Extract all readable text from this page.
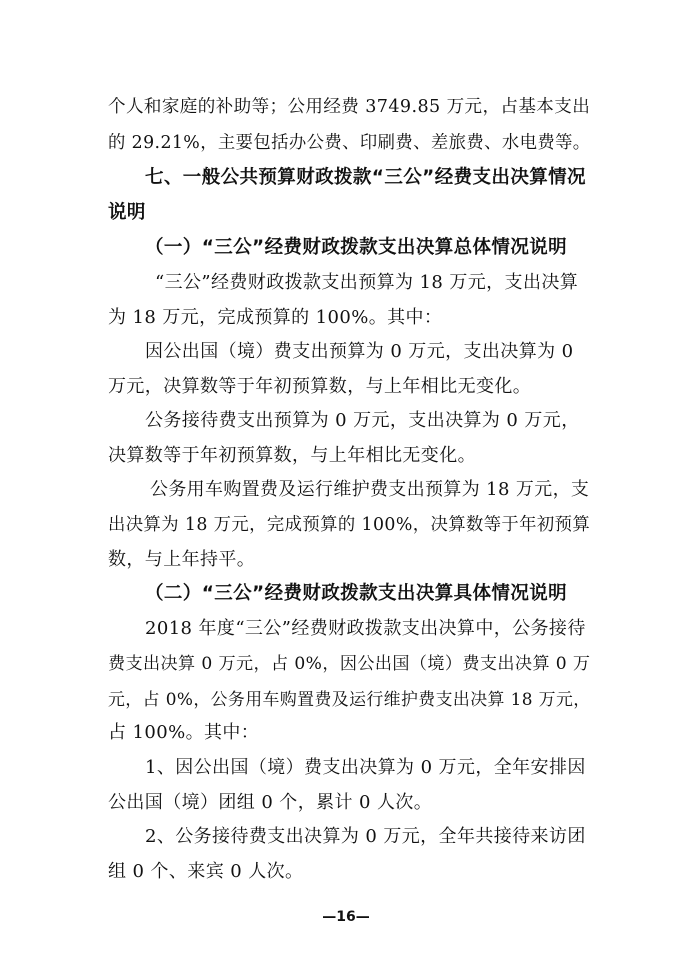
个人和家庭的补助等；公用经费 3749.85 万元，占基本支出
的 29.21%，主要包括办公费、印刷费、差旅费、水电费等。
七、一般公共预算财政拨款“三公”经费支出决算情况
说明
（一）“三公”经费财政拨款支出决算总体情况说明
“三公”经费财政拨款支出预算为 18 万元，支出决算
为 18 万元，完成预算的 100%。其中：
因公出国（境）费支出预算为 0 万元，支出决算为 0
万元，决算数等于年初预算数，与上年相比无变化。
公务接待费支出预算为 0 万元，支出决算为 0 万元，
决算数等于年初预算数，与上年相比无变化。
公务用车购置费及运行维护费支出预算为 18 万元，支
出决算为 18 万元，完成预算的 100%，决算数等于年初预算
数，与上年持平。
（二）“三公”经费财政拨款支出决算具体情况说明
2018 年度“三公”经费财政拨款支出决算中，公务接待
费支出决算 0 万元，占 0%，因公出国（境）费支出决算 0 万
元，占 0%，公务用车购置费及运行维护费支出决算 18 万元，
占 100%。其中：
1、因公出国（境）费支出决算为 0 万元，全年安排因
公出国（境）团组 0 个，累计 0 人次。
2、公务接待费支出决算为 0 万元，全年共接待来访团
组 0 个、来宾 0 人次。
—16—
